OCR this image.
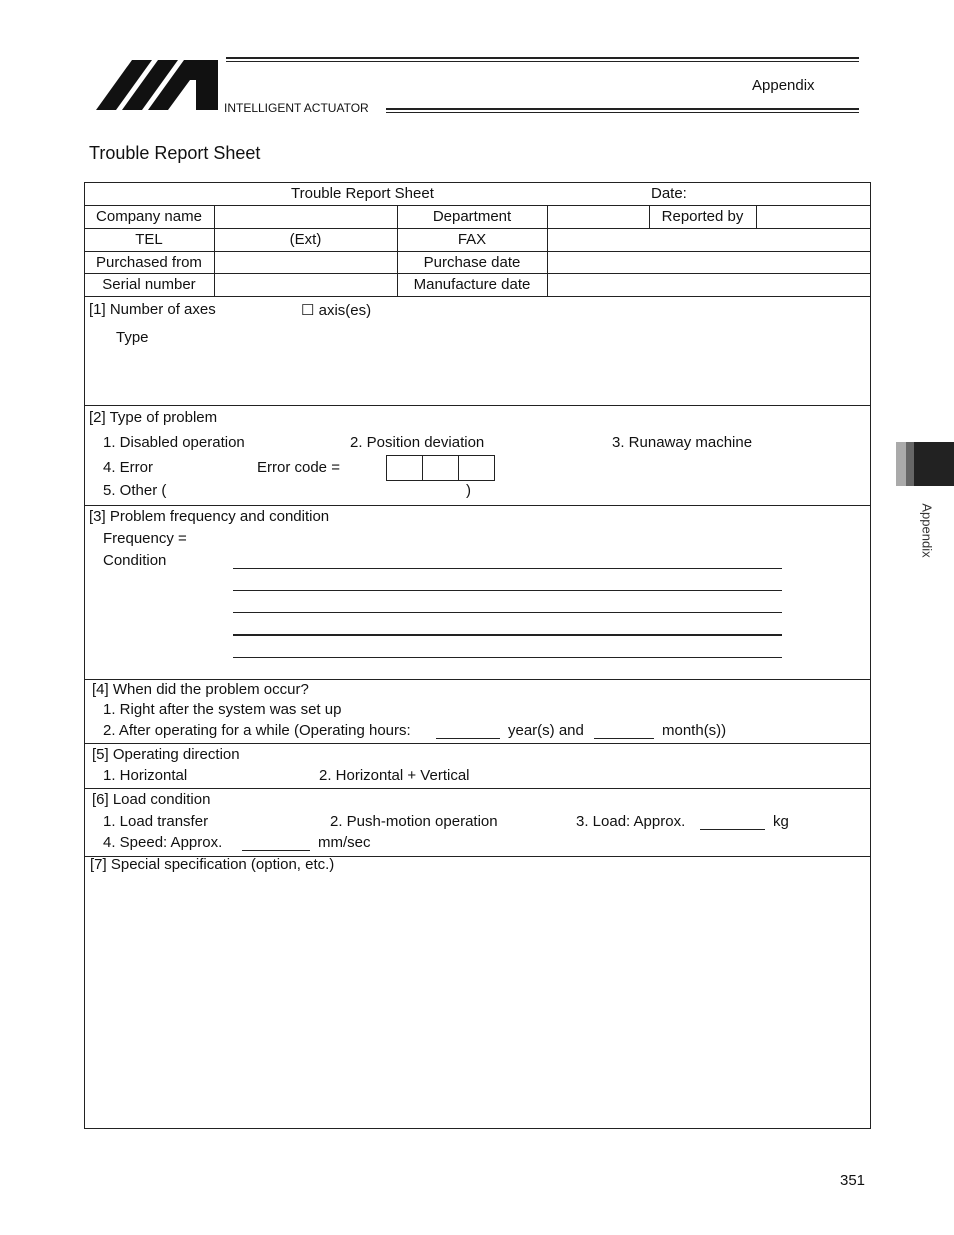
INTELLIGENT ACTUATOR
Appendix
Appendix
Trouble Report Sheet
Trouble Report Sheet	Date:
Company name	Department	Reported by
TEL	(Ext)	FAX
Purchased from	Purchase date
Serial number	Manufacture date
[1] Number of axes	☐ axis(es)
Type
[2] Type of problem
1. Disabled operation	2. Position deviation	3. Runaway machine
4. Error	Error code =
5. Other (	)
[3] Problem frequency and condition
Frequency =
Condition
[4] When did the problem occur?
1. Right after the system was set up
2. After operating for a while (Operating hours:	year(s) and	month(s))
[5] Operating direction
1. Horizontal	2. Horizontal + Vertical
[6] Load condition
1. Load transfer	2. Push-motion operation	3. Load: Approx.	kg
4. Speed: Approx.	mm/sec
[7] Special specification (option, etc.)
351
